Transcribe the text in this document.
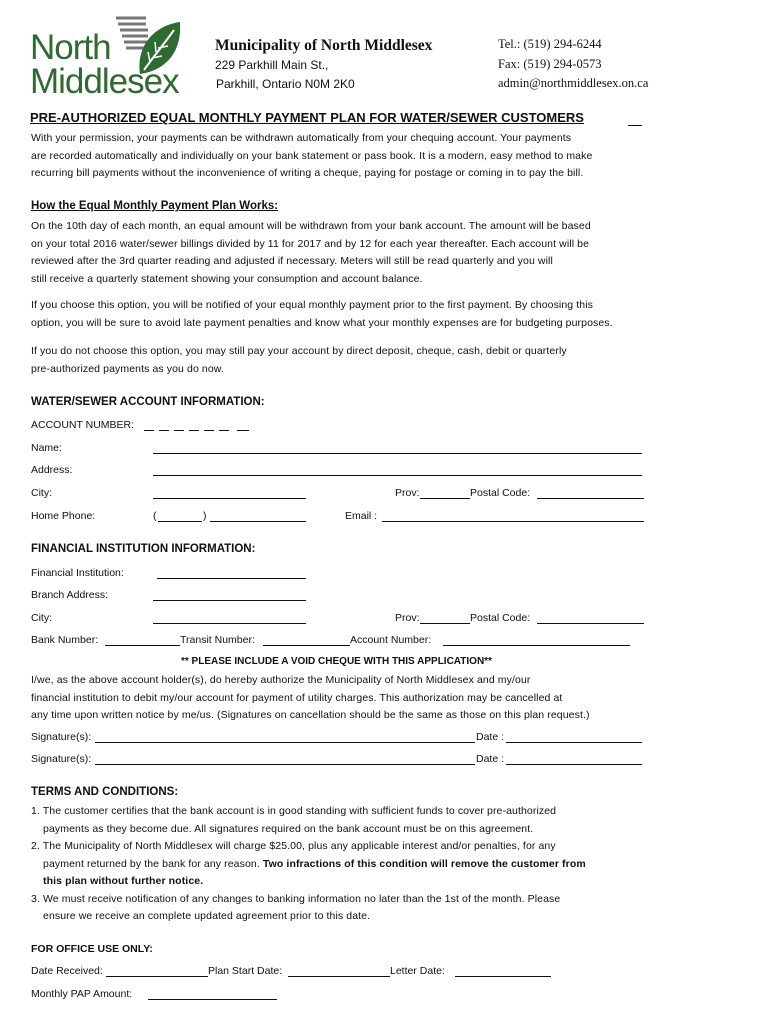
North
Middlesex
Municipality of North Middlesex
229 Parkhill Main St.,
Parkhill, Ontario N0M 2K0
Tel.: (519) 294-6244
Fax: (519) 294-0573
admin@northmiddlesex.on.ca
PRE-AUTHORIZED EQUAL MONTHLY PAYMENT PLAN FOR WATER/SEWER CUSTOMERS
With your permission, your payments can be withdrawn automatically from your chequing account. Your payments
are recorded automatically and individually on your bank statement or pass book. It is a modern, easy method to make
recurring bill payments without the inconvenience of writing a cheque, paying for postage or coming in to pay the bill.
How the Equal Monthly Payment Plan Works:
On the 10th day of each month, an equal amount will be withdrawn from your bank account. The amount will be based
on your total 2016 water/sewer billings divided by 11 for 2017 and by 12 for each year thereafter. Each account will be
reviewed after the 3rd quarter reading and adjusted if necessary. Meters will still be read quarterly and you will
still receive a quarterly statement showing your consumption and account balance.
If you choose this option, you will be notified of your equal monthly payment prior to the first payment. By choosing this
option, you will be sure to avoid late payment penalties and know what your monthly expenses are for budgeting purposes.
If you do not choose this option, you may still pay your account by direct deposit, cheque, cash, debit or quarterly
pre-authorized payments as you do now.
WATER/SEWER ACCOUNT INFORMATION:
ACCOUNT NUMBER:
Name:
Address:
City:	Prov:	Postal Code:
Home Phone:	(	)	Email :
FINANCIAL INSTITUTION INFORMATION:
Financial Institution:
Branch Address:
City:	Prov:	Postal Code:
Bank Number:	Transit Number:	Account Number:
** PLEASE INCLUDE A VOID CHEQUE WITH THIS APPLICATION**
I/we, as the above account holder(s), do hereby authorize the Municipality of North Middlesex and my/our
financial institution to debit my/our account for payment of utility charges. This authorization may be cancelled at
any time upon written notice by me/us. (Signatures on cancellation should be the same as those on this plan request.)
Signature(s):	Date :
Signature(s):	Date :
TERMS AND CONDITIONS:
1. The customer certifies that the bank account is in good standing with sufficient funds to cover pre-authorized
payments as they become due. All signatures required on the bank account must be on this agreement.
2. The Municipality of North Middlesex will charge $25.00, plus any applicable interest and/or penalties, for any
payment returned by the bank for any reason. Two infractions of this condition will remove the customer from
this plan without further notice.
3. We must receive notification of any changes to banking information no later than the 1st of the month. Please
ensure we receive an complete updated agreement prior to this date.
FOR OFFICE USE ONLY:
Date Received:	Plan Start Date:	Letter Date:
Monthly PAP Amount:
